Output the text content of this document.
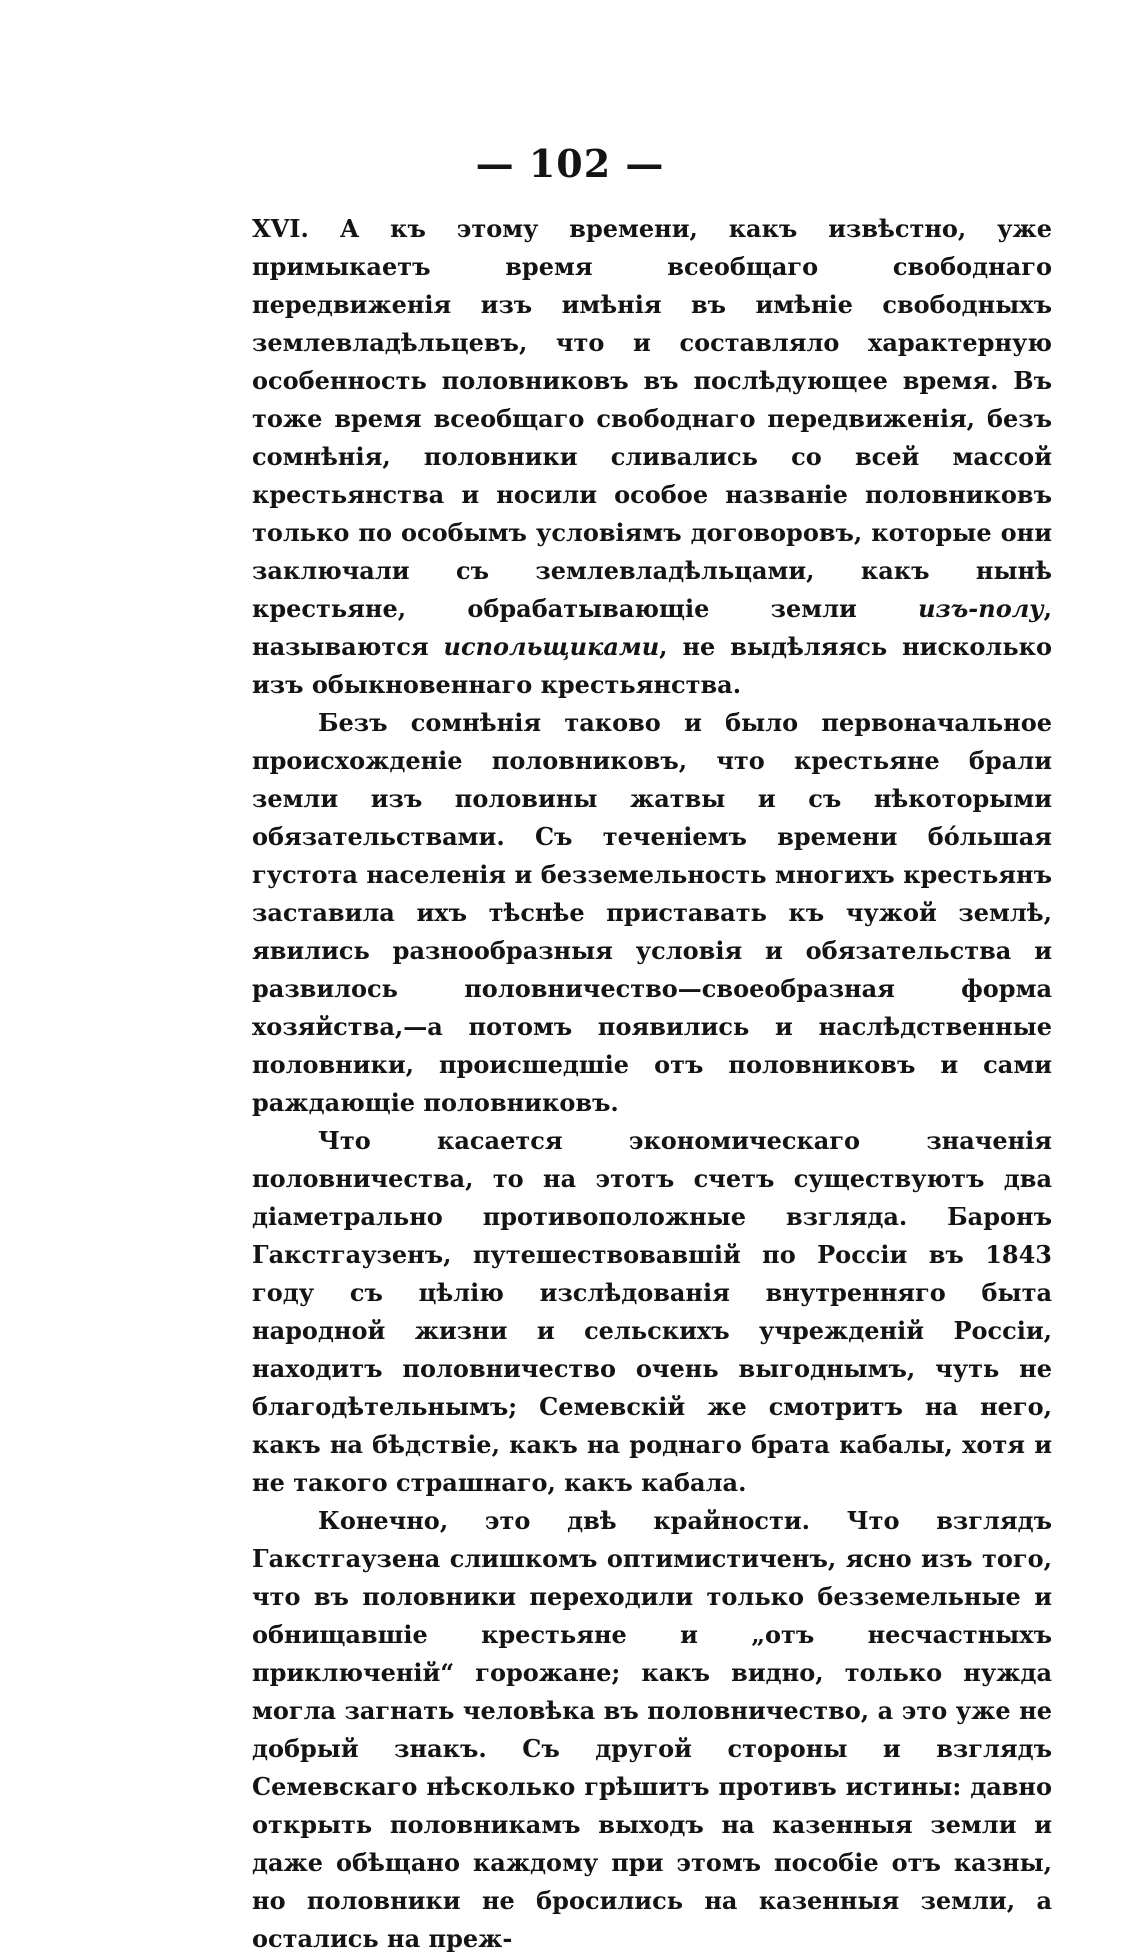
— 102 —

XVI. А къ этому времени, какъ извѣстно, уже примыкаетъ время всеобщаго свободнаго передвиженія изъ имѣнія въ имѣніе свободныхъ землевладѣльцевъ, что и составляло характерную особенность половниковъ въ послѣдующее время. Въ тоже время всеобщаго свободнаго передвиженія, безъ сомнѣнія, половники сливались со всей массой крестьянства и носили особое названіе половниковъ только по особымъ условіямъ договоровъ, которые они заключали съ землевладѣльцами, какъ нынѣ крестьяне, обрабатывающіе земли изъ-полу, называются испольщиками, не выдѣляясь нисколько изъ обыкновеннаго крестьянства.

Безъ сомнѣнія таково и было первоначальное происхожденіе половниковъ, что крестьяне брали земли изъ половины жатвы и съ нѣкоторыми обязательствами. Съ теченіемъ времени бо́льшая густота населенія и безземельность многихъ крестьянъ заставила ихъ тѣснѣе приставать къ чужой землѣ, явились разнообразныя условія и обязательства и развилось половничество—своеобразная форма хозяйства,—а потомъ появились и наслѣдственные половники, происшедшіе отъ половниковъ и сами раждающіе половниковъ.

Что касается экономическаго значенія половничества, то на этотъ счетъ существуютъ два діаметрально противоположные взгляда. Баронъ Гакстгаузенъ, путешествовавшій по Россіи въ 1843 году съ цѣлію изслѣдованія внутренняго быта народной жизни и сельскихъ учрежденій Россіи, находитъ половничество очень выгоднымъ, чуть не благодѣтельнымъ; Семевскій же смотритъ на него, какъ на бѣдствіе, какъ на роднаго брата кабалы, хотя и не такого страшнаго, какъ кабала.

Конечно, это двѣ крайности. Что взглядъ Гакстгаузена слишкомъ оптимистиченъ, ясно изъ того, что въ половники переходили только безземельные и обнищавшіе крестьяне и „отъ несчастныхъ приключеній“ горожане; какъ видно, только нужда могла загнать человѣка въ половничество, а это уже не добрый знакъ. Съ другой стороны и взглядъ Семевскаго нѣсколько грѣшитъ противъ истины: давно открыть половникамъ выходъ на казенныя земли и даже обѣщано каждому при этомъ пособіе отъ казны, но половники не бросились на казенныя земли, а остались на преж-
